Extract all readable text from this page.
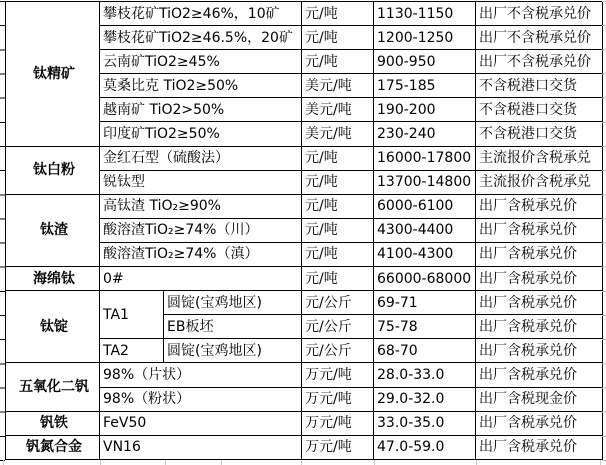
钛精矿	攀枝花矿TiO2≥46%，10矿		元/吨	1130-1150	出厂不含税承兑价
	攀枝花矿TiO2≥46.5%，20矿		元/吨	1200-1250	出厂不含税承兑价
	云南矿TiO2≥45%		元/吨	900-950	出厂不含税承兑价
	莫桑比克 TiO2≥50%		美元/吨	175-185	不含税港口交货
	越南矿 TiO2>50%		美元/吨	190-200	不含税港口交货
	印度矿TiO2≥50%		美元/吨	230-240	不含税港口交货
钛白粉	金红石型（硫酸法）		元/吨	16000-17800	主流报价含税承兑
	锐钛型		元/吨	13700-14800	主流报价含税承兑
钛渣	高钛渣 TiO₂≥90%		元/吨	6000-6100	出厂含税承兑价
	酸溶渣TiO₂≥74%（川）		元/吨	4300-4400	出厂含税承兑价
	酸溶渣TiO₂≥74%（滇）		元/吨	4100-4300	出厂含税承兑价
海绵钛	0#		元/吨	66000-68000	出厂含税承兑价
钛锭	TA1	圆锭(宝鸡地区)	元/公斤	69-71	出厂含税承兑价
		EB板坯	元/公斤	75-78	出厂含税承兑价
	TA2	圆锭(宝鸡地区)	元/公斤	68-70	出厂含税承兑价
五氧化二钒	98%（片状）		万元/吨	28.0-33.0	出厂含税承兑价
	98%（粉状）		万元/吨	29.0-32.0	出厂含税现金价
钒铁	FeV50		万元/吨	33.0-35.0	出厂含税承兑价
钒氮合金	VN16		万元/吨	47.0-59.0	出厂含税承兑价
